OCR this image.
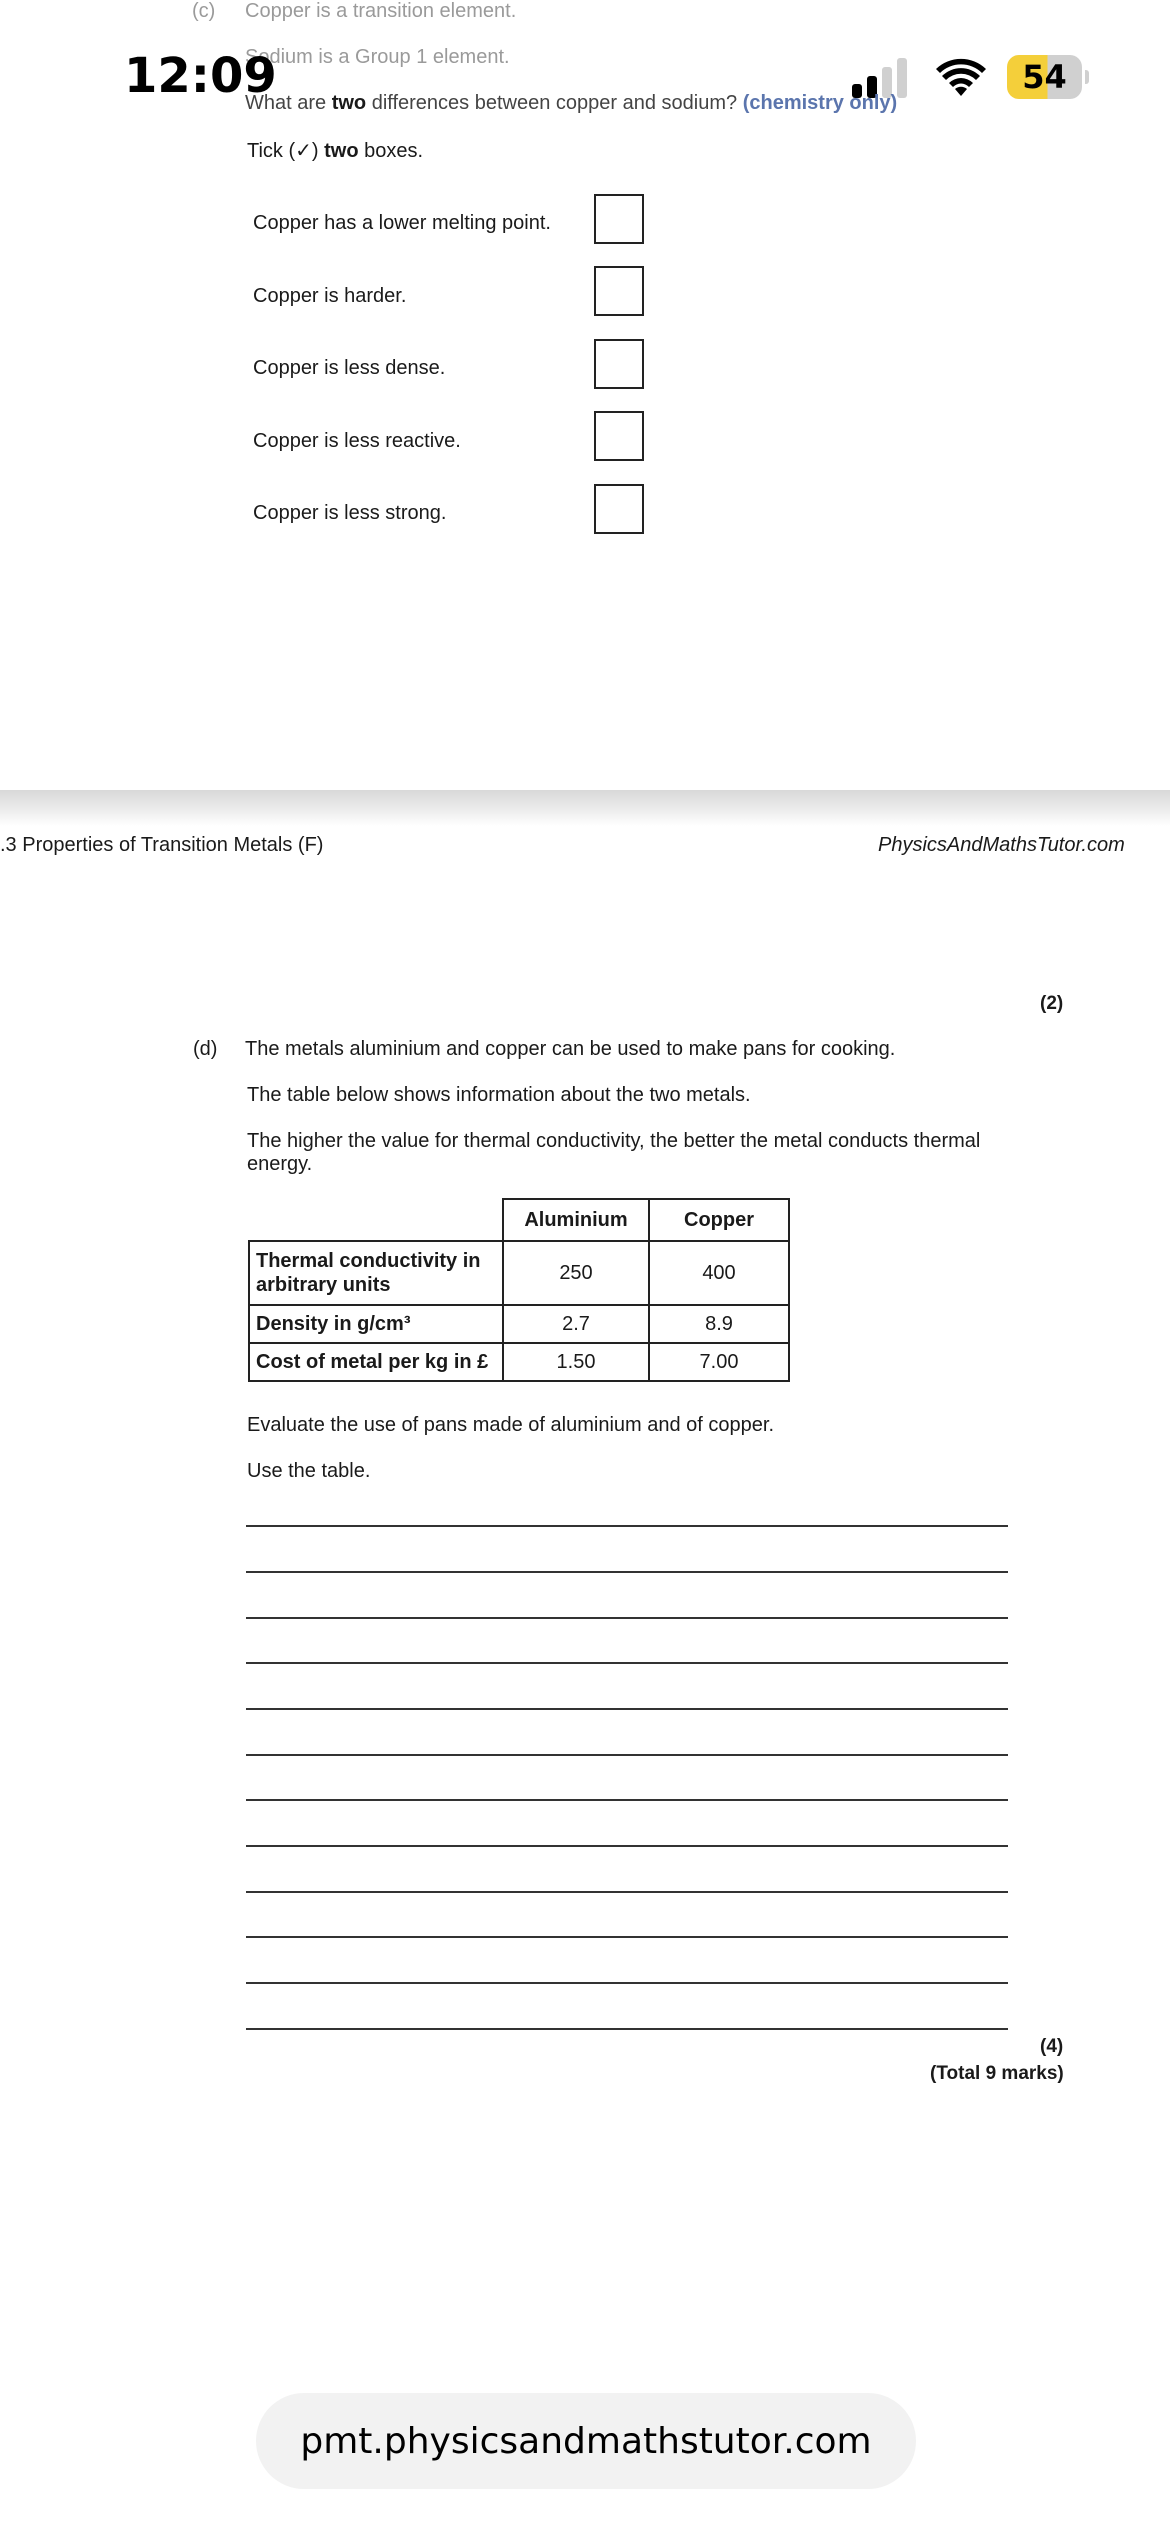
(c) Copper is a transition element.
Sodium is a Group 1 element.
12:09	54
What are two differences between copper and sodium? (chemistry only)
Tick (✓) two boxes.
Copper has a lower melting point.
Copper is harder.
Copper is less dense.
Copper is less reactive.
Copper is less strong.
.3 Properties of Transition Metals (F)	PhysicsAndMathsTutor.com
(2)
(d) The metals aluminium and copper can be used to make pans for cooking.
The table below shows information about the two metals.
The higher the value for thermal conductivity, the better the metal conducts thermal
energy.
	Aluminium	Copper
Thermal conductivity in
arbitrary units	250	400
Density in g/cm³	2.7	8.9
Cost of metal per kg in £	1.50	7.00
Evaluate the use of pans made of aluminium and of copper.
Use the table.
(4)
(Total 9 marks)
pmt.physicsandmathstutor.com
